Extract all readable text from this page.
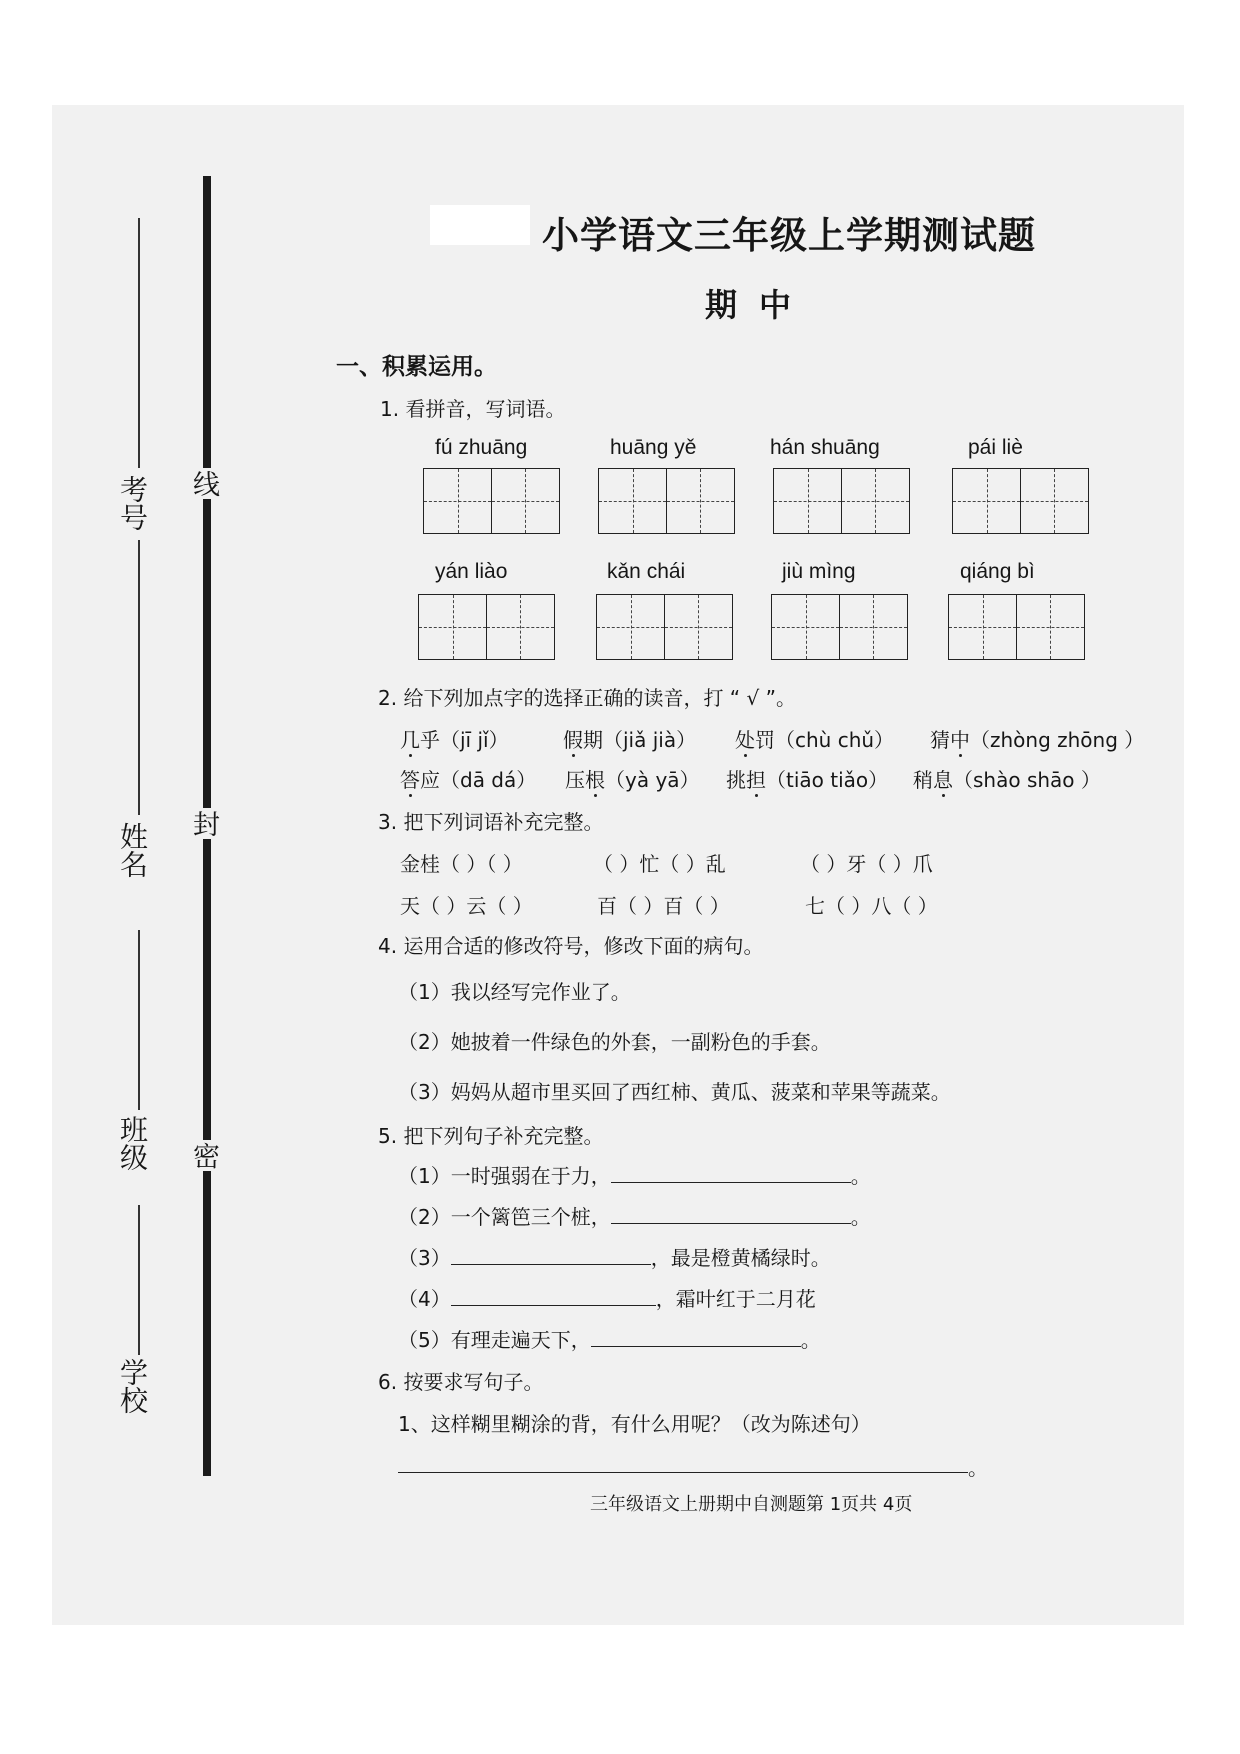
线
封
密
考号
姓名
班级
学校
小学语文三年级上学期测试题
期中
一、积累运用。
1. 看拼音，写词语。
fú zhuāng	huāng yě	hán shuāng	pái liè
yán liào	kǎn chái	jiù mìng	qiáng bì
2. 给下列加点字的选择正确的读音，打 “ √ ”。
几乎（jī jǐ）	假期（jiǎ jià） 处罚（chù chǔ） 猜中（zhòng zhōng ）
答应（dā dá） 压根（yà yā） 挑担（tiāo tiǎo） 稍息（shào shāo ）
3. 把下列词语补充完整。
金桂（ ）（ ）	（ ）忙（ ）乱	（ ）牙（ ）爪
天（ ）云（ ）	百（ ）百（ ）	七（ ）八（ ）
4. 运用合适的修改符号，修改下面的病句。
（1）我以经写完作业了。
（2）她披着一件绿色的外套，一副粉色的手套。
（3）妈妈从超市里买回了西红柿、黄瓜、菠菜和苹果等蔬菜。
5. 把下列句子补充完整。
（1）一时强弱在于力，	。
（2）一个篱笆三个桩，	。
（3）	，最是橙黄橘绿时。
（4）	，霜叶红于二月花
（5）有理走遍天下，	。
6. 按要求写句子。
1、这样糊里糊涂的背，有什么用呢？（改为陈述句）
。
三年级语文上册期中自测题第 1页共 4页
